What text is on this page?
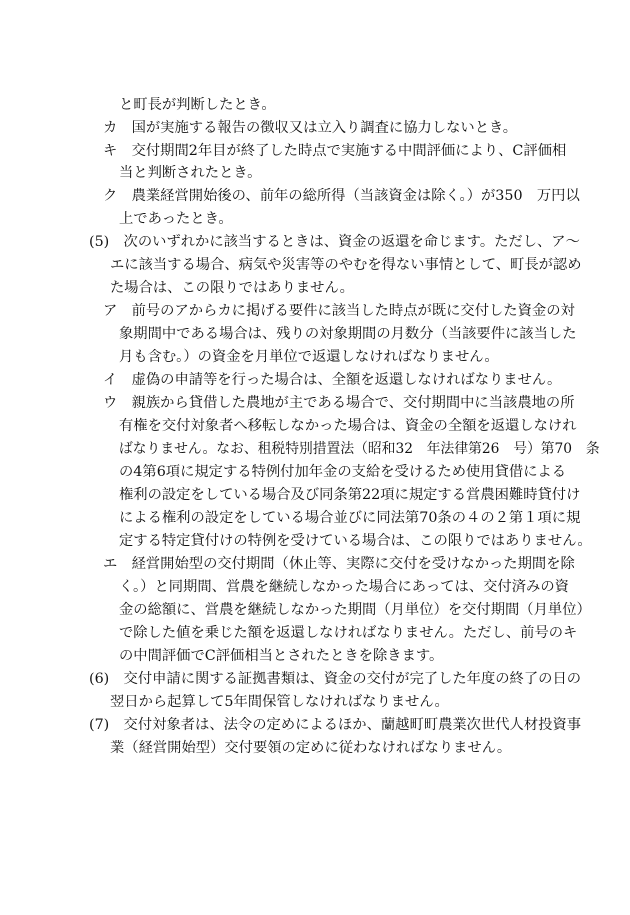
と町長が判断したとき。

カ　国が実施する報告の徴収又は立入り調査に協力しないとき。

キ　交付期間2年目が終了した時点で実施する中間評価により、C評価相

当と判断されたとき。

ク　農業経営開始後の、前年の総所得（当該資金は除く。）が350　万円以

上であったとき。

(5)　次のいずれかに該当するときは、資金の返還を命じます。ただし、ア～

エに該当する場合、病気や災害等のやむを得ない事情として、町長が認め

た場合は、この限りではありません。

ア　前号のアからカに掲げる要件に該当した時点が既に交付した資金の対

象期間中である場合は、残りの対象期間の月数分（当該要件に該当した

月も含む。）の資金を月単位で返還しなければなりません。

イ　虚偽の申請等を行った場合は、全額を返還しなければなりません。

ウ　親族から貸借した農地が主である場合で、交付期間中に当該農地の所

有権を交付対象者へ移転しなかった場合は、資金の全額を返還しなけれ

ばなりません。なお、租税特別措置法（昭和32　年法律第26　号）第70　条

の4第6項に規定する特例付加年金の支給を受けるため使用貸借による

権利の設定をしている場合及び同条第22項に規定する営農困難時貸付け

による権利の設定をしている場合並びに同法第70条の４の２第１項に規

定する特定貸付けの特例を受けている場合は、この限りではありません。

エ　経営開始型の交付期間（休止等、実際に交付を受けなかった期間を除

く。）と同期間、営農を継続しなかった場合にあっては、交付済みの資

金の総額に、営農を継続しなかった期間（月単位）を交付期間（月単位）

で除した値を乗じた額を返還しなければなりません。ただし、前号のキ

の中間評価でC評価相当とされたときを除きます。

(6)　交付申請に関する証拠書類は、資金の交付が完了した年度の終了の日の

翌日から起算して5年間保管しなければなりません。

(7)　交付対象者は、法令の定めによるほか、蘭越町町農業次世代人材投資事

業（経営開始型）交付要領の定めに従わなければなりません。
